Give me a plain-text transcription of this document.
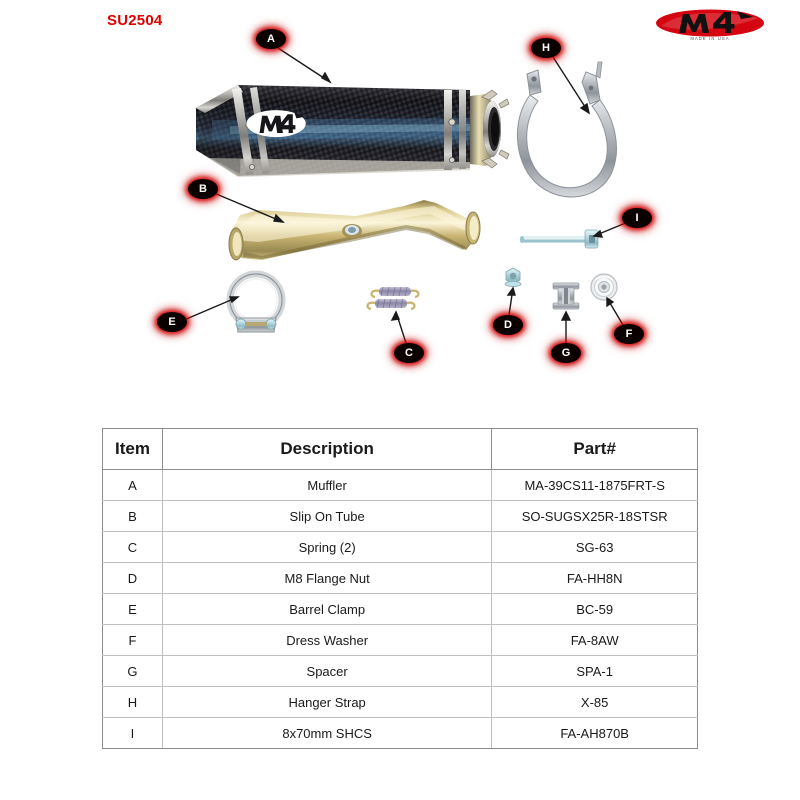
SU2504
MADE IN USA
A
B
C
D
E
F
G
H
I
Item	Description	Part#
A	Muffler	MA-39CS11-1875FRT-S
B	Slip On Tube	SO-SUGSX25R-18STSR
C	Spring (2)	SG-63
D	M8 Flange Nut	FA-HH8N
E	Barrel Clamp	BC-59
F	Dress Washer	FA-8AW
G	Spacer	SPA-1
H	Hanger Strap	X-85
I	8x70mm SHCS	FA-AH870B
